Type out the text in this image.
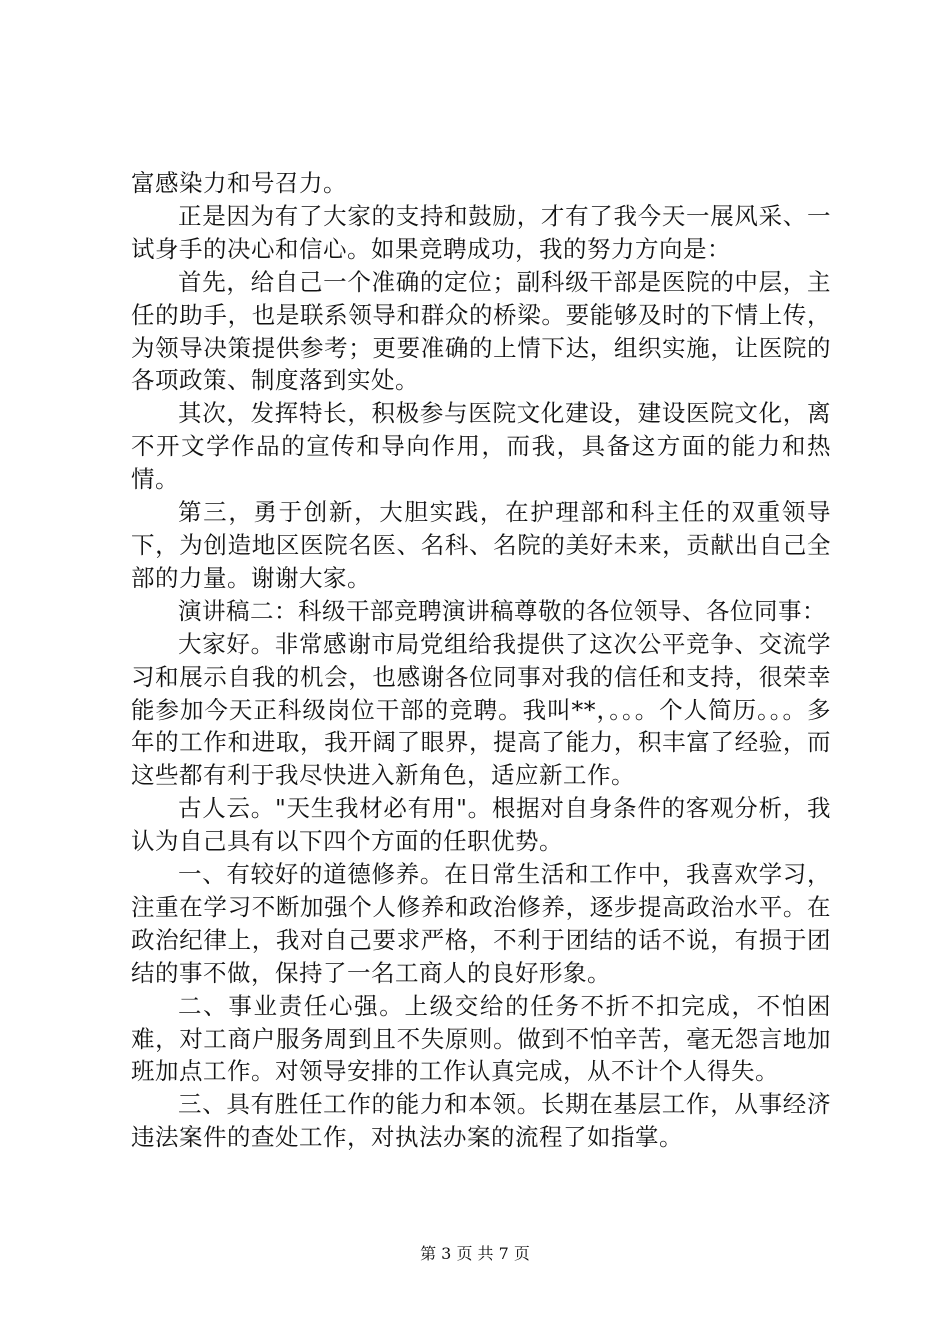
富感染力和号召力。

正是因为有了大家的支持和鼓励，才有了我今天一展风采、一试身手的决心和信心。如果竞聘成功，我的努力方向是：

首先，给自己一个准确的定位；副科级干部是医院的中层，主任的助手，也是联系领导和群众的桥梁。要能够及时的下情上传，为领导决策提供参考；更要准确的上情下达，组织实施，让医院的各项政策、制度落到实处。

其次，发挥特长，积极参与医院文化建设，建设医院文化，离不开文学作品的宣传和导向作用，而我，具备这方面的能力和热情。

第三，勇于创新，大胆实践，在护理部和科主任的双重领导下，为创造地区医院名医、名科、名院的美好未来，贡献出自己全部的力量。谢谢大家。

演讲稿二：科级干部竞聘演讲稿尊敬的各位领导、各位同事：

大家好。非常感谢市局党组给我提供了这次公平竞争、交流学习和展示自我的机会，也感谢各位同事对我的信任和支持，很荣幸能参加今天正科级岗位干部的竞聘。我叫**，。。。个人简历。。。多年的工作和进取，我开阔了眼界，提高了能力，积丰富了经验，而这些都有利于我尽快进入新角色，适应新工作。

古人云。"天生我材必有用"。根据对自身条件的客观分析，我认为自己具有以下四个方面的任职优势。

一、有较好的道德修养。在日常生活和工作中，我喜欢学习，注重在学习不断加强个人修养和政治修养，逐步提高政治水平。在政治纪律上，我对自己要求严格，不利于团结的话不说，有损于团结的事不做，保持了一名工商人的良好形象。

二、事业责任心强。上级交给的任务不折不扣完成，不怕困难，对工商户服务周到且不失原则。做到不怕辛苦，毫无怨言地加班加点工作。对领导安排的工作认真完成，从不计个人得失。

三、具有胜任工作的能力和本领。长期在基层工作，从事经济违法案件的查处工作，对执法办案的流程了如指掌。

第 3 页 共 7 页
